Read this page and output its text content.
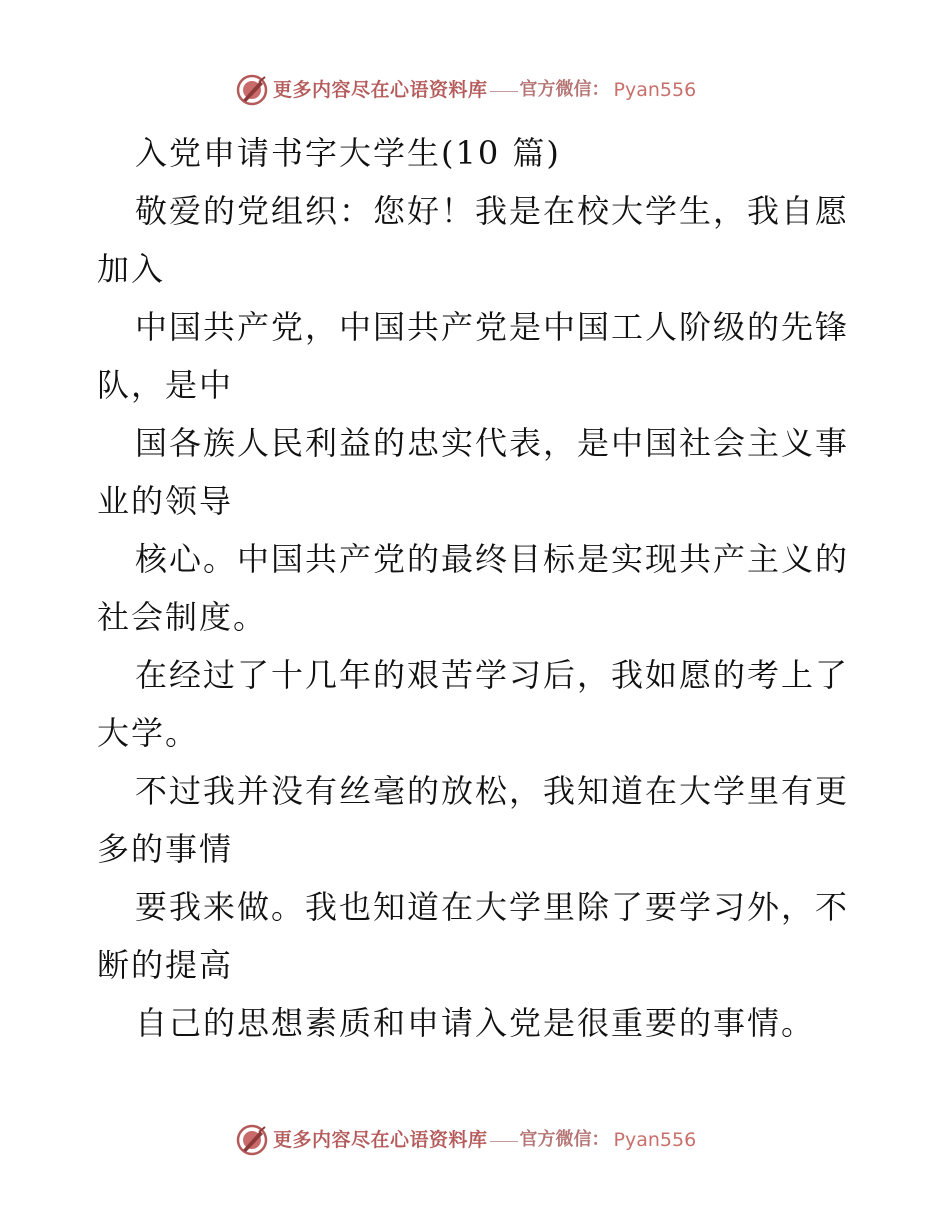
更多内容尽在心语资料库 官方微信： Pyan556
入党申请书字大学生(10 篇)
敬爱的党组织：您好！我是在校大学生，我自愿
加入
中国共产党，中国共产党是中国工人阶级的先锋
队，是中
国各族人民利益的忠实代表，是中国社会主义事
业的领导
核心。中国共产党的最终目标是实现共产主义的
社会制度。
在经过了十几年的艰苦学习后，我如愿的考上了
大学。
不过我并没有丝毫的放松，我知道在大学里有更
多的事情
要我来做。我也知道在大学里除了要学习外，不
断的提高
自己的思想素质和申请入党是很重要的事情。
更多内容尽在心语资料库 官方微信： Pyan556
